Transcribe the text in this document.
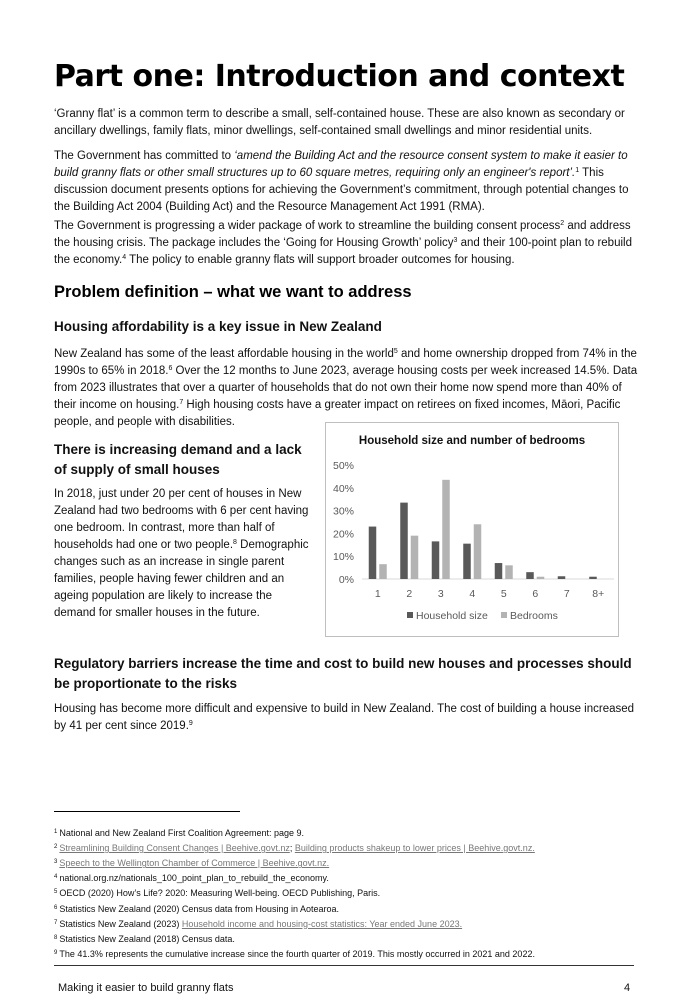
Part one: Introduction and context
‘Granny flat’ is a common term to describe a small, self-contained house. These are also known as secondary or ancillary dwellings, family flats, minor dwellings, self-contained small dwellings and minor residential units.
The Government has committed to ‘amend the Building Act and the resource consent system to make it easier to build granny flats or other small structures up to 60 square metres, requiring only an engineer's report’.$^1$ This discussion document presents options for achieving the Government’s commitment, through potential changes to the Building Act 2004 (Building Act) and the Resource Management Act 1991 (RMA).
The Government is progressing a wider package of work to streamline the building consent process$^2$ and address the housing crisis. The package includes the ‘Going for Housing Growth’ policy$^3$ and their 100-point plan to rebuild the economy.$^4$ The policy to enable granny flats will support broader outcomes for housing.
Problem definition – what we want to address
Housing affordability is a key issue in New Zealand
New Zealand has some of the least affordable housing in the world$^5$ and home ownership dropped from 74% in the 1990s to 65% in 2018.$^6$ Over the 12 months to June 2023, average housing costs per week increased 14.5%. Data from 2023 illustrates that over a quarter of households that do not own their home now spend more than 40% of their income on housing.$^7$ High housing costs have a greater impact on retirees on fixed incomes, Māori, Pacific people, and people with disabilities.
There is increasing demand and a lack of supply of small houses
In 2018, just under 20 per cent of houses in New Zealand had two bedrooms with 6 per cent having one bedroom. In contrast, more than half of households had one or two people.$^8$ Demographic changes such as an increase in single parent families, people having fewer children and an ageing population are likely to increase the demand for smaller houses in the future.
Household size and number of bedrooms
0%
10%
20%
30%
40%
50%
1 2 3 4 5 6 7 8+
Household size Bedrooms
Regulatory barriers increase the time and cost to build new houses and processes should be proportionate to the risks
Housing has become more difficult and expensive to build in New Zealand. The cost of building a house increased by 41 per cent since 2019.$^9$
$^1$ National and New Zealand First Coalition Agreement: page 9.
$^2$ Streamlining Building Consent Changes | Beehive.govt.nz; Building products shakeup to lower prices | Beehive.govt.nz.
$^3$ Speech to the Wellington Chamber of Commerce | Beehive.govt.nz.
$^4$ national.org.nz/nationals_100_point_plan_to_rebuild_the_economy.
$^5$ OECD (2020) How’s Life? 2020: Measuring Well-being. OECD Publishing, Paris.
$^6$ Statistics New Zealand (2020) Census data from Housing in Aotearoa.
$^7$ Statistics New Zealand (2023) Household income and housing-cost statistics: Year ended June 2023.
$^8$ Statistics New Zealand (2018) Census data.
$^9$ The 41.3% represents the cumulative increase since the fourth quarter of 2019. This mostly occurred in 2021 and 2022.
Making it easier to build granny flats	4
